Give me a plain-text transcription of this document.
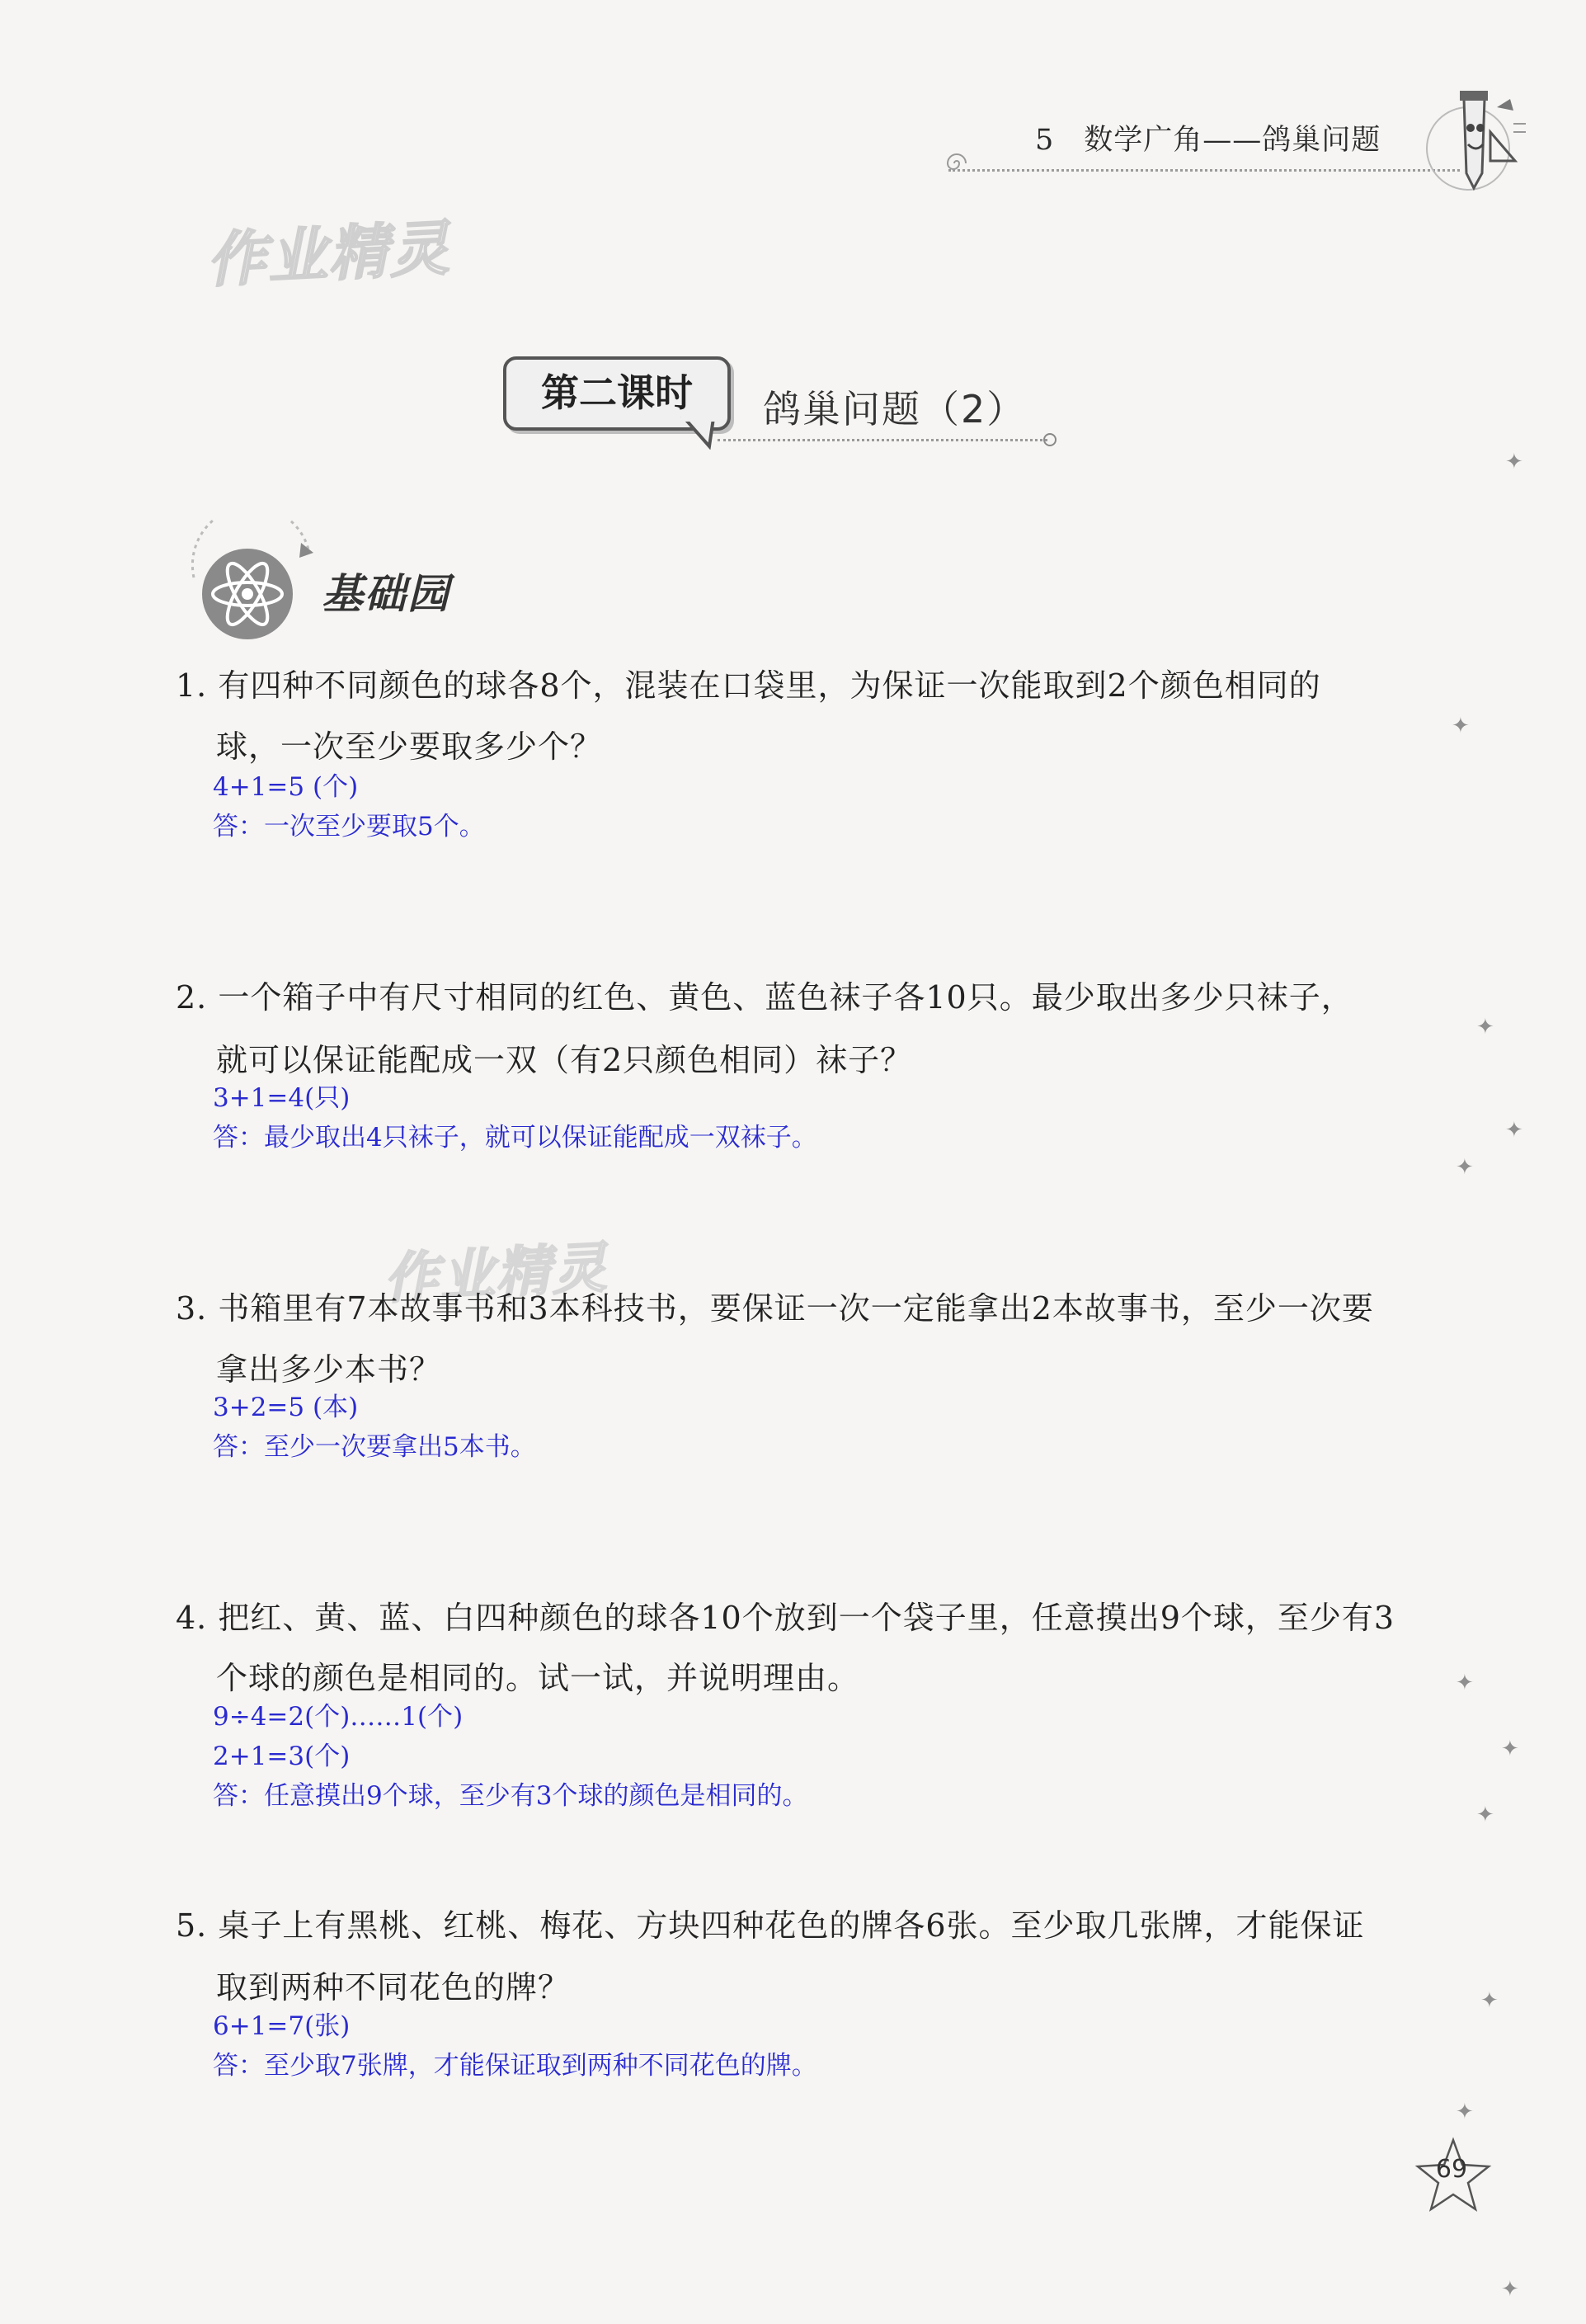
5　数学广角——鸽巢问题
作业精灵
作业精灵
第二课时	鸽巢问题（2）
基础园
1. 有四种不同颜色的球各8个，混装在口袋里，为保证一次能取到2个颜色相同的
球，一次至少要取多少个？
4+1=5 (个)
答：一次至少要取5个。
2. 一个箱子中有尺寸相同的红色、黄色、蓝色袜子各10只。最少取出多少只袜子，
就可以保证能配成一双（有2只颜色相同）袜子？
3+1=4(只)
答：最少取出4只袜子，就可以保证能配成一双袜子。
3. 书箱里有7本故事书和3本科技书，要保证一次一定能拿出2本故事书，至少一次要
拿出多少本书？
3+2=5 (本)
答：至少一次要拿出5本书。
4. 把红、黄、蓝、白四种颜色的球各10个放到一个袋子里，任意摸出9个球，至少有3
个球的颜色是相同的。试一试，并说明理由。
9÷4=2(个)……1(个)
2+1=3(个)
答：任意摸出9个球，至少有3个球的颜色是相同的。
5. 桌子上有黑桃、红桃、梅花、方块四种花色的牌各6张。至少取几张牌，才能保证
取到两种不同花色的牌？
6+1=7(张)
答：至少取7张牌，才能保证取到两种不同花色的牌。
✦
✦
✦
✦
✦
✦
✦
✦
✦
✦
✦
69
